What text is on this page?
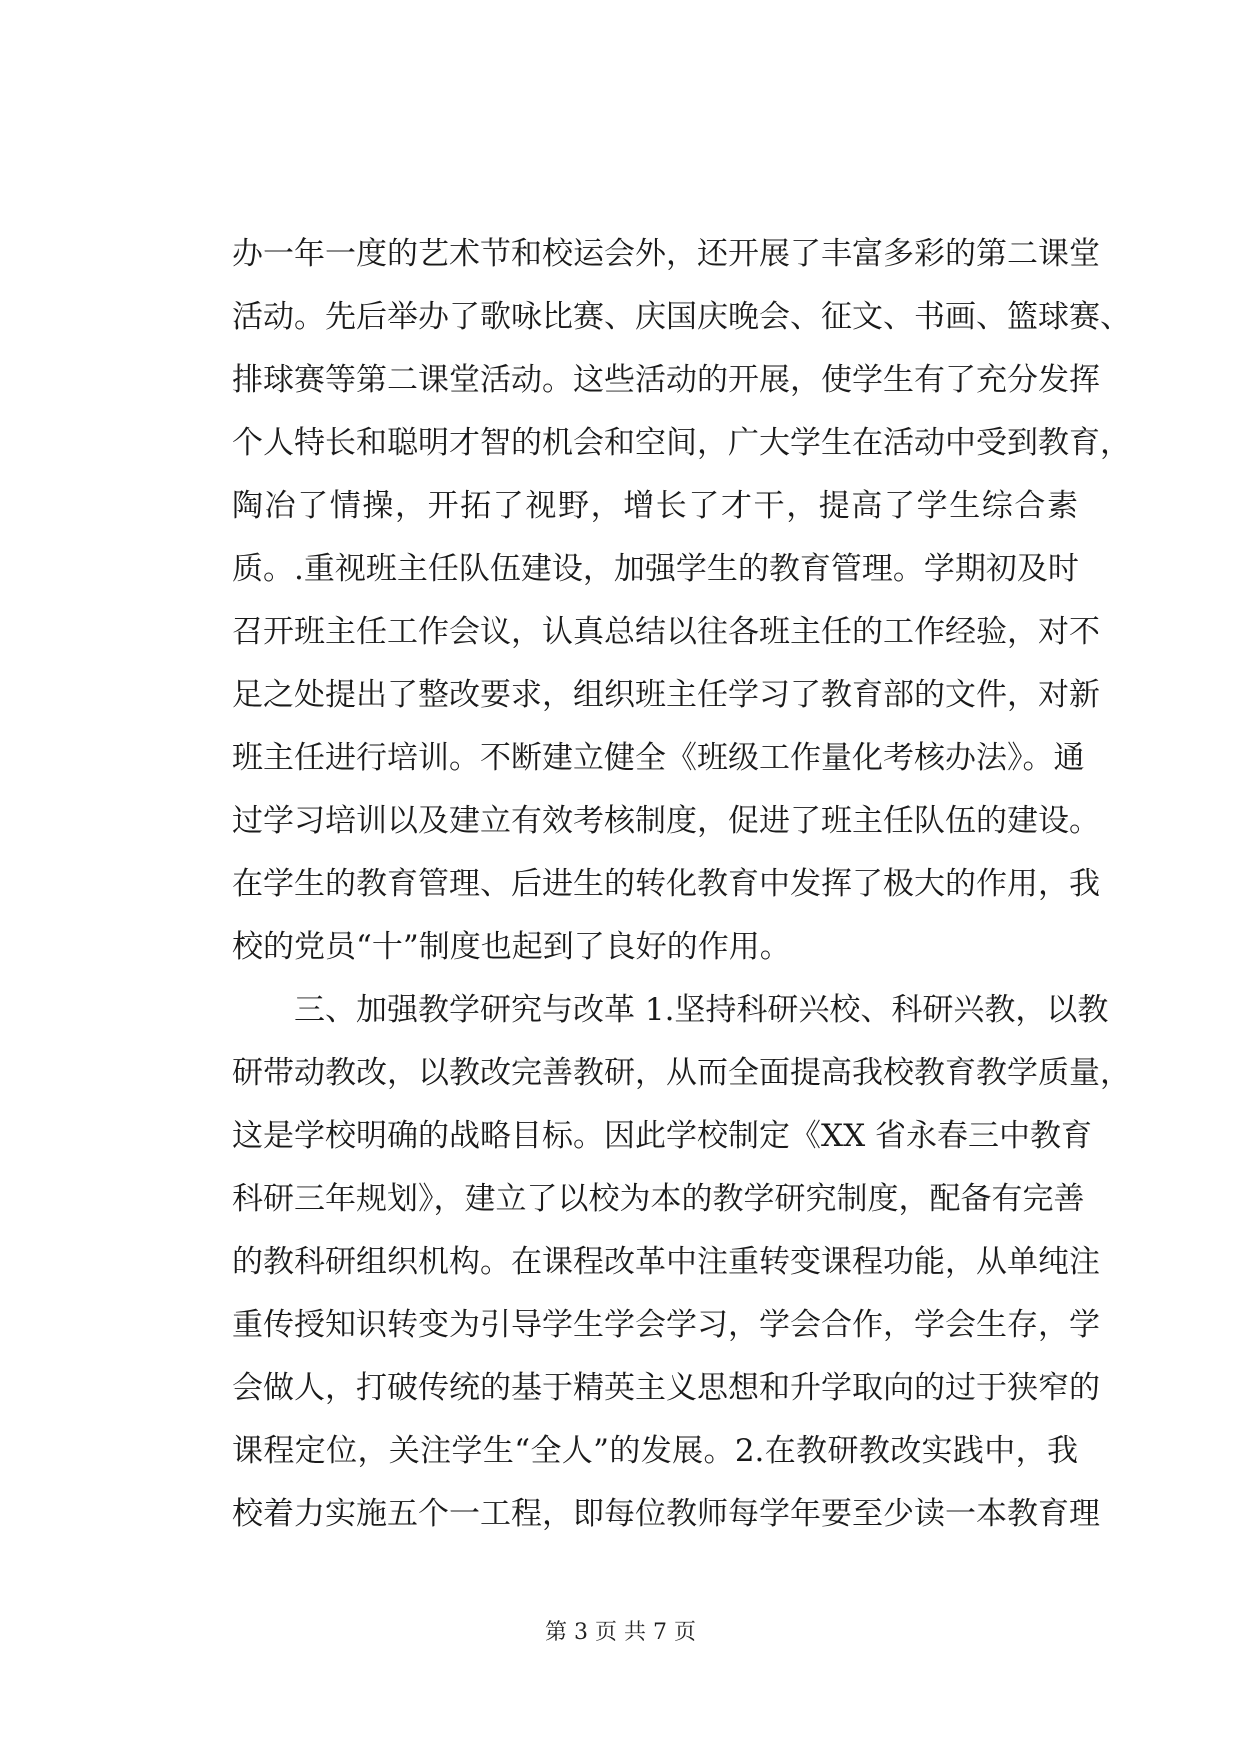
办一年一度的艺术节和校运会外，还开展了丰富多彩的第二课堂
活动。先后举办了歌咏比赛、庆国庆晚会、征文、书画、篮球赛、
排球赛等第二课堂活动。这些活动的开展，使学生有了充分发挥
个人特长和聪明才智的机会和空间，广大学生在活动中受到教育，
陶冶了情操，开拓了视野，增长了才干，提高了学生综合素
质。.重视班主任队伍建设，加强学生的教育管理。学期初及时
召开班主任工作会议，认真总结以往各班主任的工作经验，对不
足之处提出了整改要求，组织班主任学习了教育部的文件，对新
班主任进行培训。不断建立健全《班级工作量化考核办法》。通
过学习培训以及建立有效考核制度，促进了班主任队伍的建设。
在学生的教育管理、后进生的转化教育中发挥了极大的作用，我
校的党员“十”制度也起到了良好的作用。
三、加强教学研究与改革 1.坚持科研兴校、科研兴教，以教
研带动教改，以教改完善教研，从而全面提高我校教育教学质量，
这是学校明确的战略目标。因此学校制定《XX 省永春三中教育
科研三年规划》，建立了以校为本的教学研究制度，配备有完善
的教科研组织机构。在课程改革中注重转变课程功能，从单纯注
重传授知识转变为引导学生学会学习，学会合作，学会生存，学
会做人，打破传统的基于精英主义思想和升学取向的过于狭窄的
课程定位，关注学生“全人”的发展。2.在教研教改实践中，我
校着力实施五个一工程，即每位教师每学年要至少读一本教育理
第 3 页 共 7 页
